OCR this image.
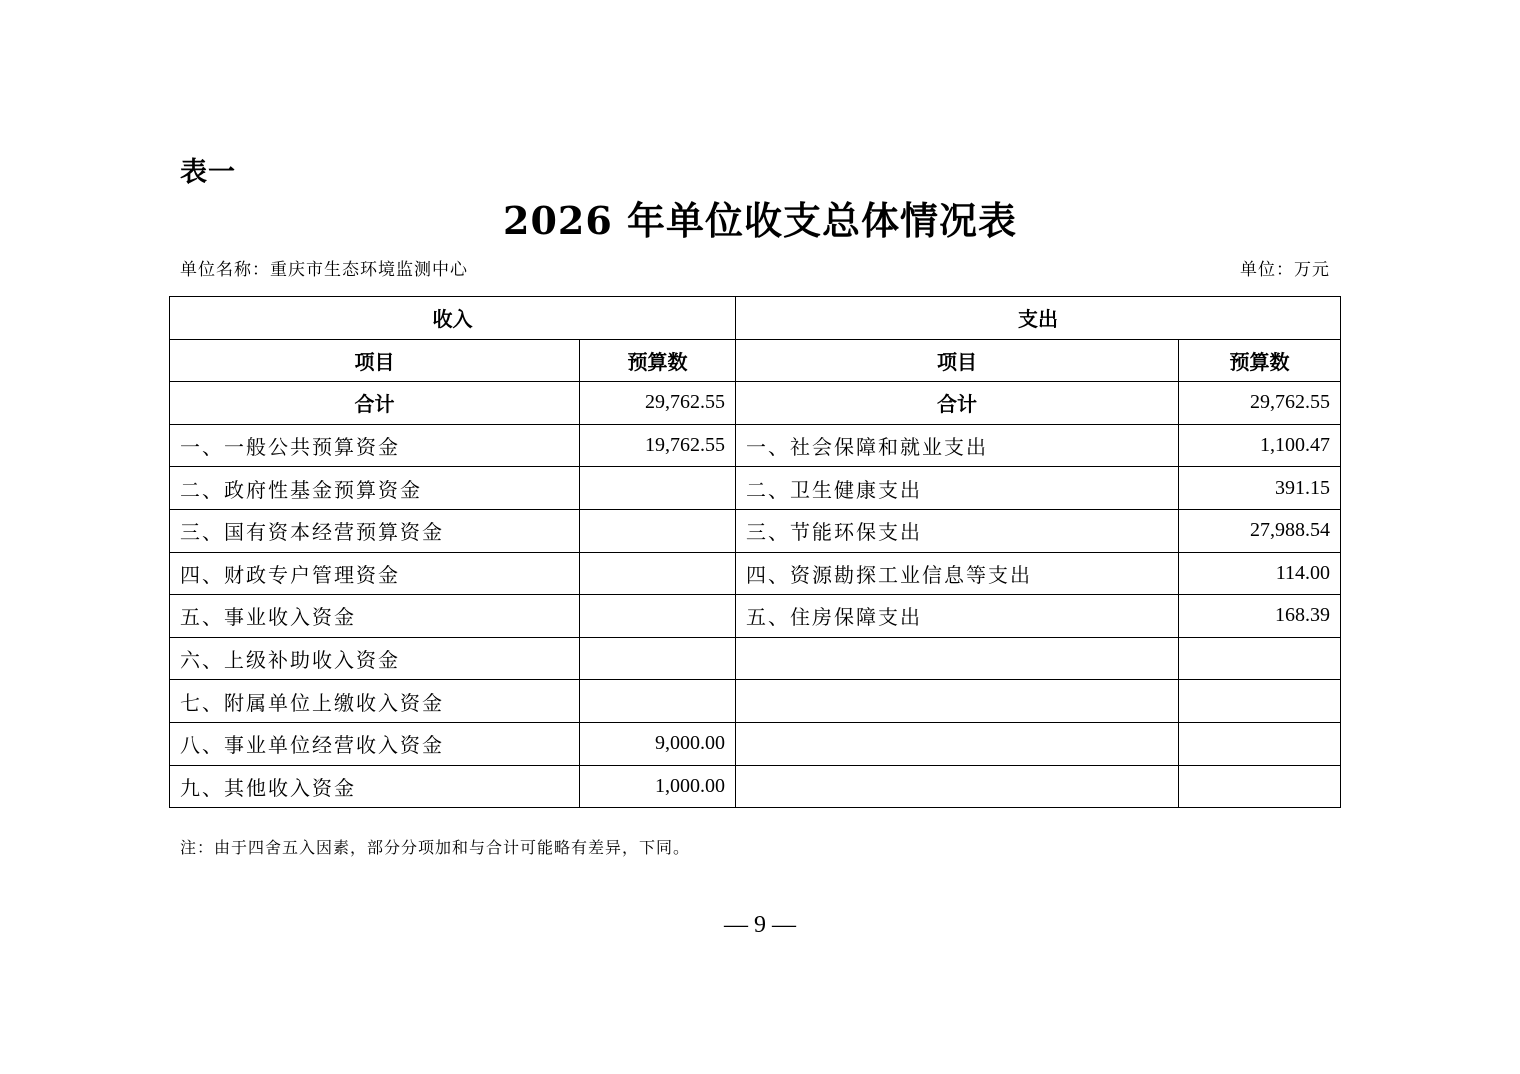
表一
2026 年单位收支总体情况表
单位名称：重庆市生态环境监测中心	单位：万元
收入		支出	
项目	预算数	项目	预算数
合计	29,762.55	合计	29,762.55
一、一般公共预算资金	19,762.55	一、社会保障和就业支出	1,100.47
二、政府性基金预算资金		二、卫生健康支出	391.15
三、国有资本经营预算资金		三、节能环保支出	27,988.54
四、财政专户管理资金		四、资源勘探工业信息等支出	114.00
五、事业收入资金		五、住房保障支出	168.39
六、上级补助收入资金			
七、附属单位上缴收入资金			
八、事业单位经营收入资金	9,000.00		
九、其他收入资金	1,000.00		
注：由于四舍五入因素，部分分项加和与合计可能略有差异，下同。
— 9 —
